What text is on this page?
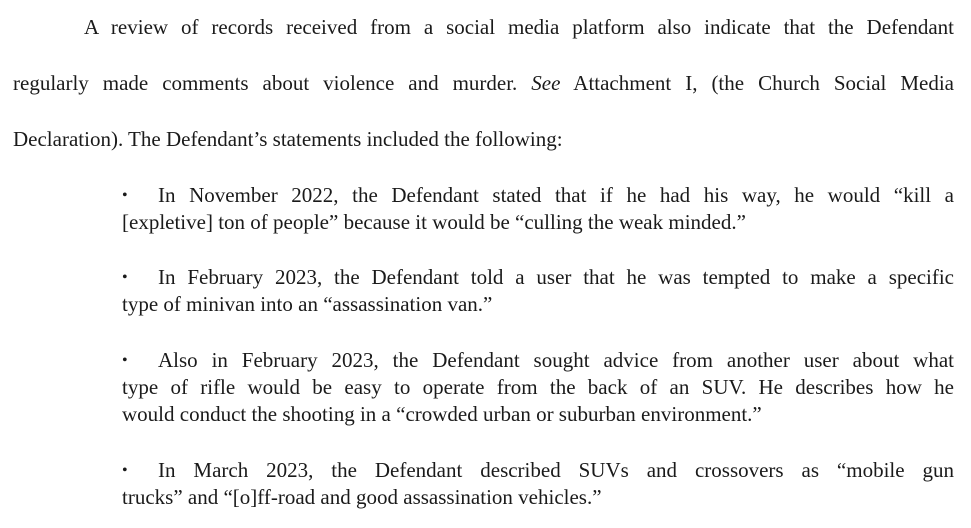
A review of records received from a social media platform also indicate that the Defendant
regularly made comments about violence and murder. See Attachment I, (the Church Social Media
Declaration). The Defendant’s statements included the following:
• In November 2022, the Defendant stated that if he had his way, he would “kill a
[expletive] ton of people” because it would be “culling the weak minded.”
• In February 2023, the Defendant told a user that he was tempted to make a specific
type of minivan into an “assassination van.”
• Also in February 2023, the Defendant sought advice from another user about what
type of rifle would be easy to operate from the back of an SUV. He describes how he
would conduct the shooting in a “crowded urban or suburban environment.”
• In March 2023, the Defendant described SUVs and crossovers as “mobile gun
trucks” and “[o]ff-road and good assassination vehicles.”
